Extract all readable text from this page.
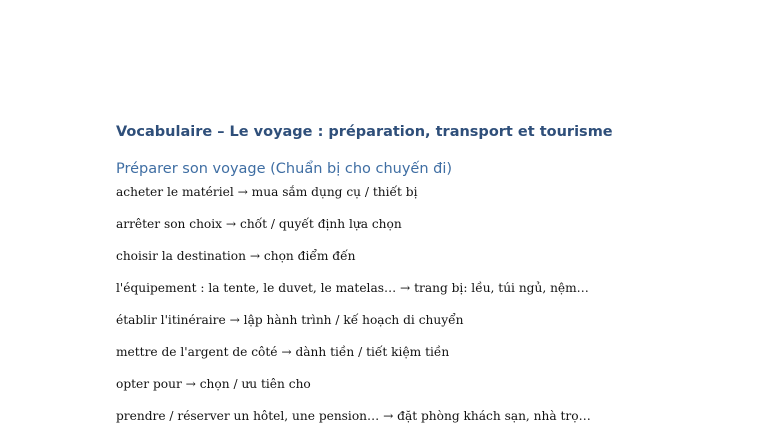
Vocabulaire – Le voyage : préparation, transport et tourisme
Préparer son voyage (Chuẩn bị cho chuyến đi)
acheter le matériel → mua sắm dụng cụ / thiết bị
arrêter son choix → chốt / quyết định lựa chọn
choisir la destination → chọn điểm đến
l'équipement : la tente, le duvet, le matelas… → trang bị: lều, túi ngủ, nệm…
établir l'itinéraire → lập hành trình / kế hoạch di chuyển
mettre de l'argent de côté → dành tiền / tiết kiệm tiền
opter pour → chọn / ưu tiên cho
prendre / réserver un hôtel, une pension… → đặt phòng khách sạn, nhà trọ…
